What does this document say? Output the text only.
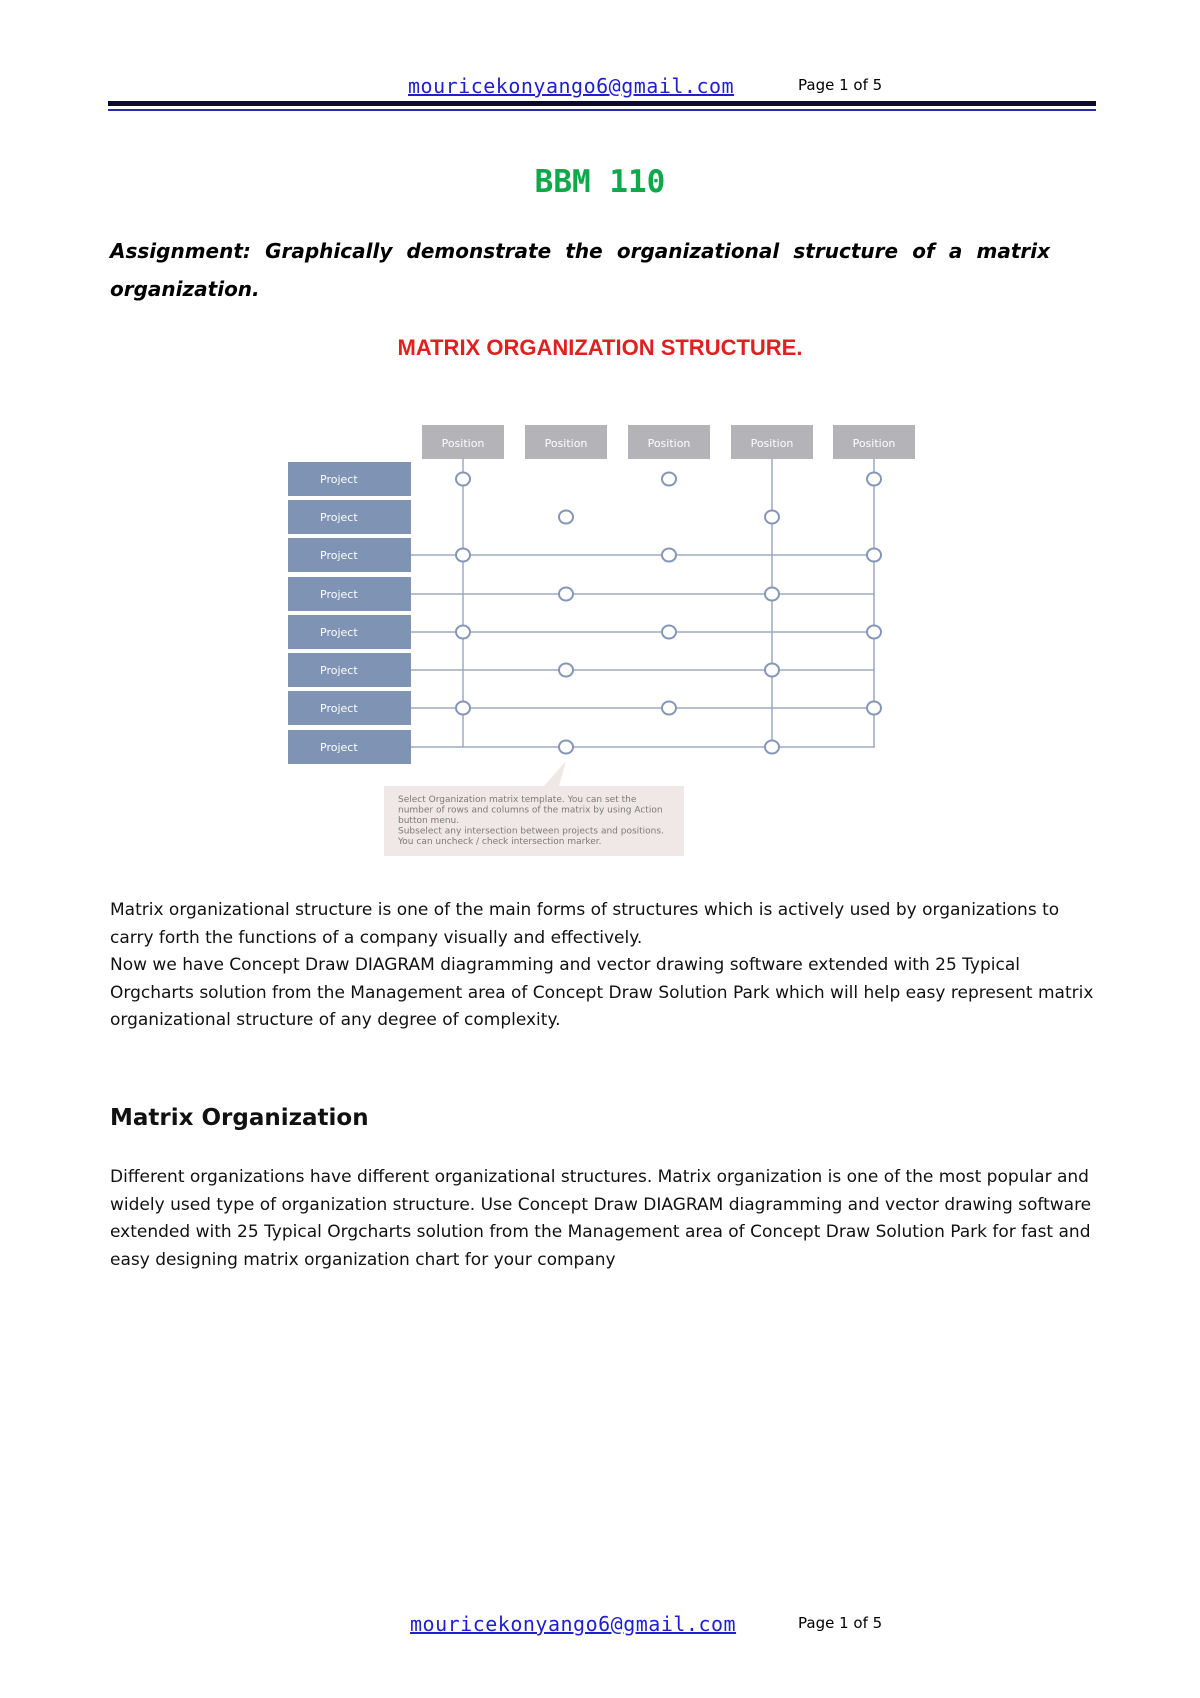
mouricekonyango6@gmail.com	Page 1 of 5
BBM 110
Assignment: Graphically demonstrate the organizational structure of a matrix organization.
MATRIX ORGANIZATION STRUCTURE.
Position	Position	Position	Position	Position
Project
Project
Project
Project
Project
Project
Project
Project
Select Organization matrix template. You can set the
number of rows and columns of the matrix by using Action
button menu.
Subselect any intersection between projects and positions.
You can uncheck / check intersection marker.
Matrix organizational structure is one of the main forms of structures which is actively used by organizations to carry forth the functions of a company visually and effectively.
Now we have Concept Draw DIAGRAM diagramming and vector drawing software extended with 25 Typical Orgcharts solution from the Management area of Concept Draw Solution Park which will help easy represent matrix organizational structure of any degree of complexity.
Matrix Organization
Different organizations have different organizational structures. Matrix organization is one of the most popular and widely used type of organization structure. Use Concept Draw DIAGRAM diagramming and vector drawing software extended with 25 Typical Orgcharts solution from the Management area of Concept Draw Solution Park for fast and easy designing matrix organization chart for your company
mouricekonyango6@gmail.com	Page 1 of 5
